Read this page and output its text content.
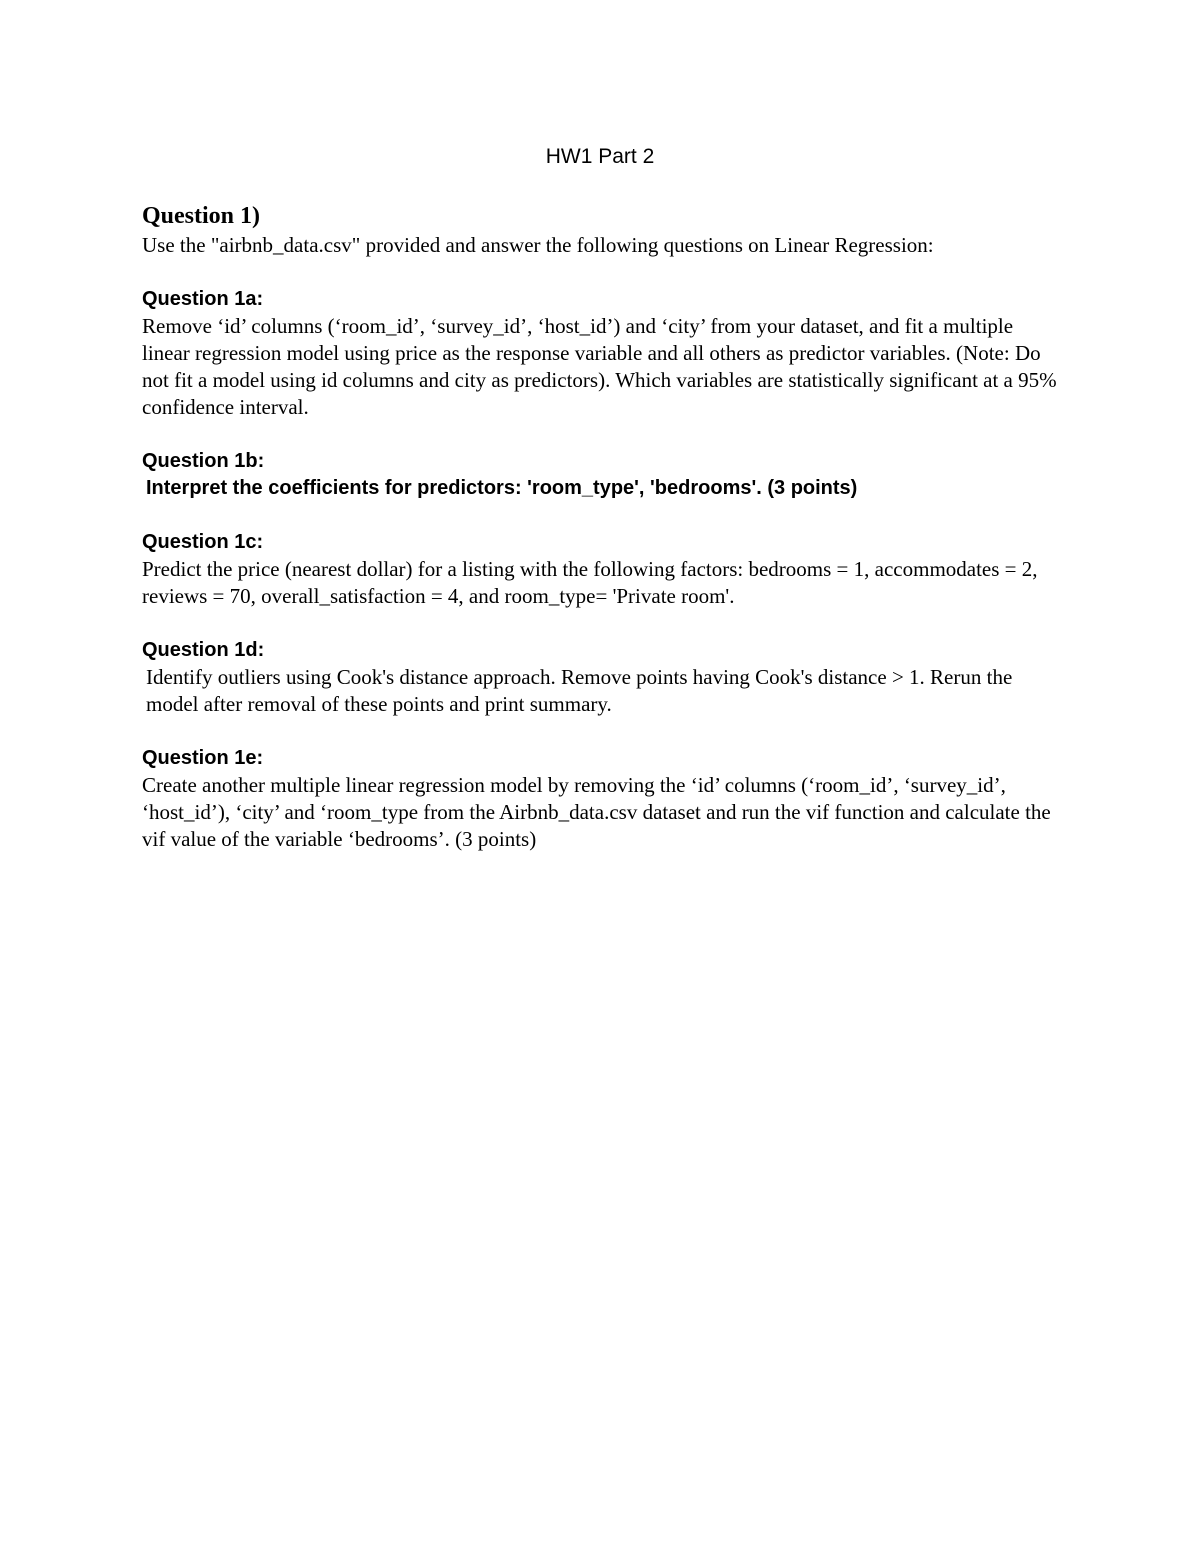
HW1 Part 2

Question 1)

Use the "airbnb_data.csv" provided and answer the following questions on Linear Regression:

Question 1a:

Remove ‘id’ columns (‘room_id’, ‘survey_id’, ‘host_id’) and ‘city’ from your dataset, and fit a multiple linear regression model using price as the response variable and all others as predictor variables. (Note: Do not fit a model using id columns and city as predictors). Which variables are statistically significant at a 95% confidence interval.

Question 1b:

Interpret the coefficients for predictors: 'room_type', 'bedrooms'. (3 points)

Question 1c:

Predict the price (nearest dollar) for a listing with the following factors: bedrooms = 1, accommodates = 2, reviews = 70, overall_satisfaction = 4, and room_type= 'Private room'.

Question 1d:

Identify outliers using Cook's distance approach. Remove points having Cook's distance > 1. Rerun the model after removal of these points and print summary.

Question 1e:

Create another multiple linear regression model by removing the ‘id’ columns (‘room_id’, ‘survey_id’, ‘host_id’), ‘city’ and ‘room_type from the Airbnb_data.csv dataset and run the vif function and calculate the vif value of the variable ‘bedrooms’. (3 points)
